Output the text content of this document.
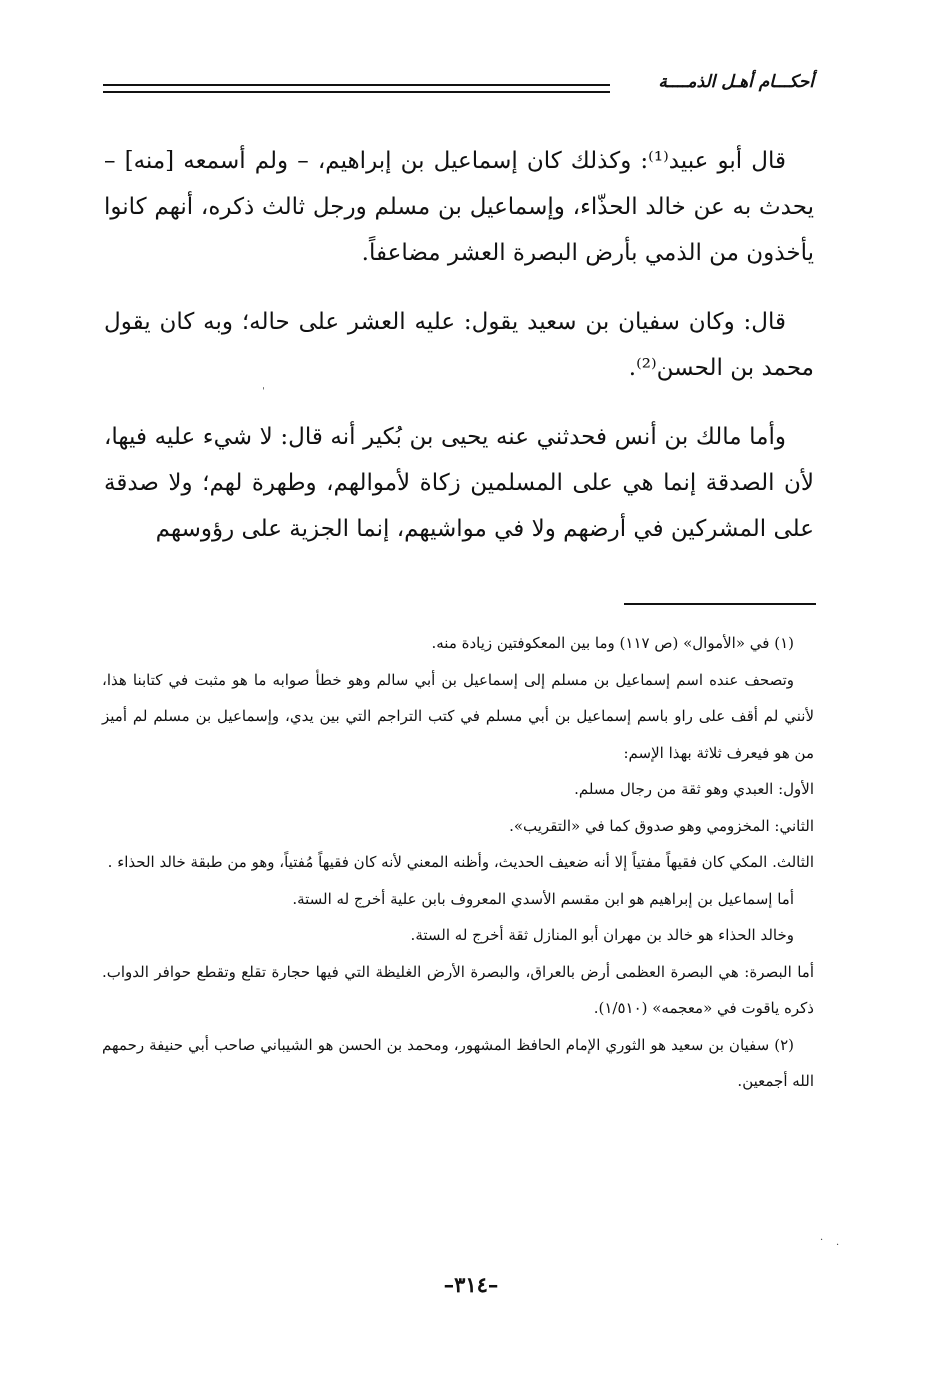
أحكـــام أهـل الذمــــة

قال أبو عبيد⁽¹⁾: وكذلك كان إسماعيل بن إبراهيم، – ولم أسمعه [منه] – يحدث به عن خالد الحذّاء، وإسماعيل بن مسلم ورجل ثالث ذكره، أنهم كانوا يأخذون من الذمي بأرض البصرة العشر مضاعفاً.

قال: وكان سفيان بن سعيد يقول: عليه العشر على حاله؛ وبه كان يقول محمد بن الحسن⁽²⁾.

وأما مالك بن أنس فحدثني عنه يحيى بن بُكير أنه قال: لا شيء عليه فيها، لأن الصدقة إنما هي على المسلمين زكاة لأموالهم، وطهرة لهم؛ ولا صدقة على المشركين في أرضهم ولا في مواشيهم، إنما الجزية على رؤوسهم

(١) في «الأموال» (ص ١١٧) وما بين المعكوفتين زيادة منه.

وتصحف عنده اسم إسماعيل بن مسلم إلى إسماعيل بن أبي سالم وهو خطأ صوابه ما هو مثبت في كتابنا هذا، لأنني لم أقف على راو باسم إسماعيل بن أبي مسلم في كتب التراجم التي بين يدي، وإسماعيل بن مسلم لم أميز من هو فيعرف ثلاثة بهذا الإسم:

الأول: العبدي وهو ثقة من رجال مسلم.

الثاني: المخزومي وهو صدوق كما في «التقريب».

الثالث. المكي كان فقيهاً مفتياً إلا أنه ضعيف الحديث، وأظنه المعني لأنه كان فقيهاً مُفتياً، وهو من طبقة خالد الحذاء .

أما إسماعيل بن إبراهيم هو ابن مقسم الأسدي المعروف بابن علية أخرج له الستة.

وخالد الحذاء هو خالد بن مهران أبو المنازل ثقة أخرج له الستة.

أما البصرة: هي البصرة العظمى أرض بالعراق، والبصرة الأرض الغليظة التي فيها حجارة تقلع وتقطع حوافر الدواب. ذكره ياقوت في «معجمه» (١/٥١٠).

(٢) سفيان بن سعيد هو الثوري الإمام الحافظ المشهور، ومحمد بن الحسن هو الشيباني صاحب أبي حنيفة رحمهم الله أجمعين.

–٣١٤–
ˌ
· ·
